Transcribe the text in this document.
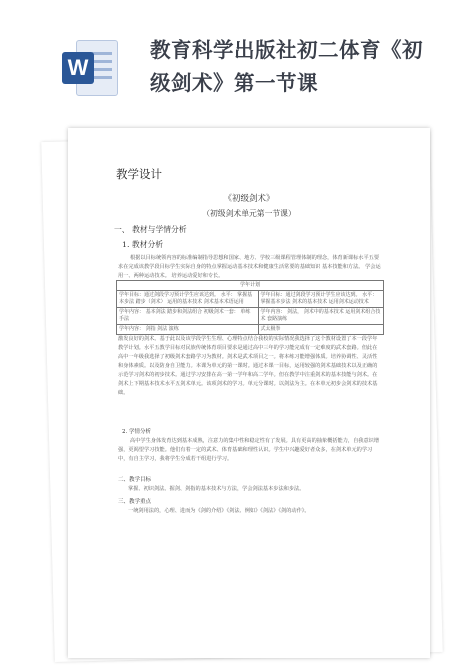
W
教育科学出版社初二体育《初
级剑术》第一节课
教学设计
《初级剑术》
（初级剑术单元第一节课）
一、 教材与学情分析
1. 教材分析
根据以目标统领内容的标准编制指导思想和国家、地方、学校三级课程管理体制的理念，体育新课标水平五要求在完成该教学段目标学生实际自身的特点掌握运动基本技术和健康生活常要的基础知识 基本技能和方法。 学会运用一、两种运动技术。 培养运动爱好和专长。
学年计划	
学年目标：通过剑段学习预计学生应该达到。 水平： 掌握基本步法 踏步（剑术） 运用的基本技术 剑术基本术语运用	学年目标：通过剑段学习预计学生应该达到。 水平： 掌握基本步法 剑术的基本技术 运用剑术运动技术
学年内容： 基本剑法 踏步和剑法组合 初级剑术一套： 单练 手法	学年内容： 剑法， 剑术中的基本技术 运用剑术组合技术 套路演练
学年内容： 剑指 剑法 演练	式太极拳
激发良好的剑术。基于此以及该学段学生生理、心理特点结合我校的实际情况我选择了这个教材设置了本一段学年教学计划。水平五教学目标对民族传统体育项目要求是通过高中三年的学习能完成有一定难度的武术套路。但此在高中一年级我选择了初级剑术套路学习为教材。剑术是武术项目之一。将本练习能增强体质。培养协调性、灵活性和身体素质。以及防身自卫能力。本课为单元的第一课时。通过本课一目标，运用较强的剑术基础技术以及正确的示范学习剑术的初步技术。通过学习安排在高一第一学年和高二学年。但在教学中注重剑术的基本技能与剑术。在剑术上下期基本技术水平五剑术单元。该项剑术的学习。单元分课时。以剑法为主。在本单元初步会剑术的技术基础。
2. 学情分析
高中学生身体发育达到基本成熟，注意力的集中性和稳定性有了发展。具有更高的抽象概括能力，自我意识增强，更渴望学习技能。他们有着一定的武术、体育基础和理性认识。学生中兴趣爱好者众多，在剑术单元的学习中，有自主学习，我将学生分成若干组进行学习。
二、教学目标
掌握、初识剑法。握剑、剑指的基本技术与方法，学会剑法基本步法和步法。
三、教学重点
一统剑用法的，心理、进而为《剑的介绍》《剑法、例如》《剑法》《剑的动作》。
